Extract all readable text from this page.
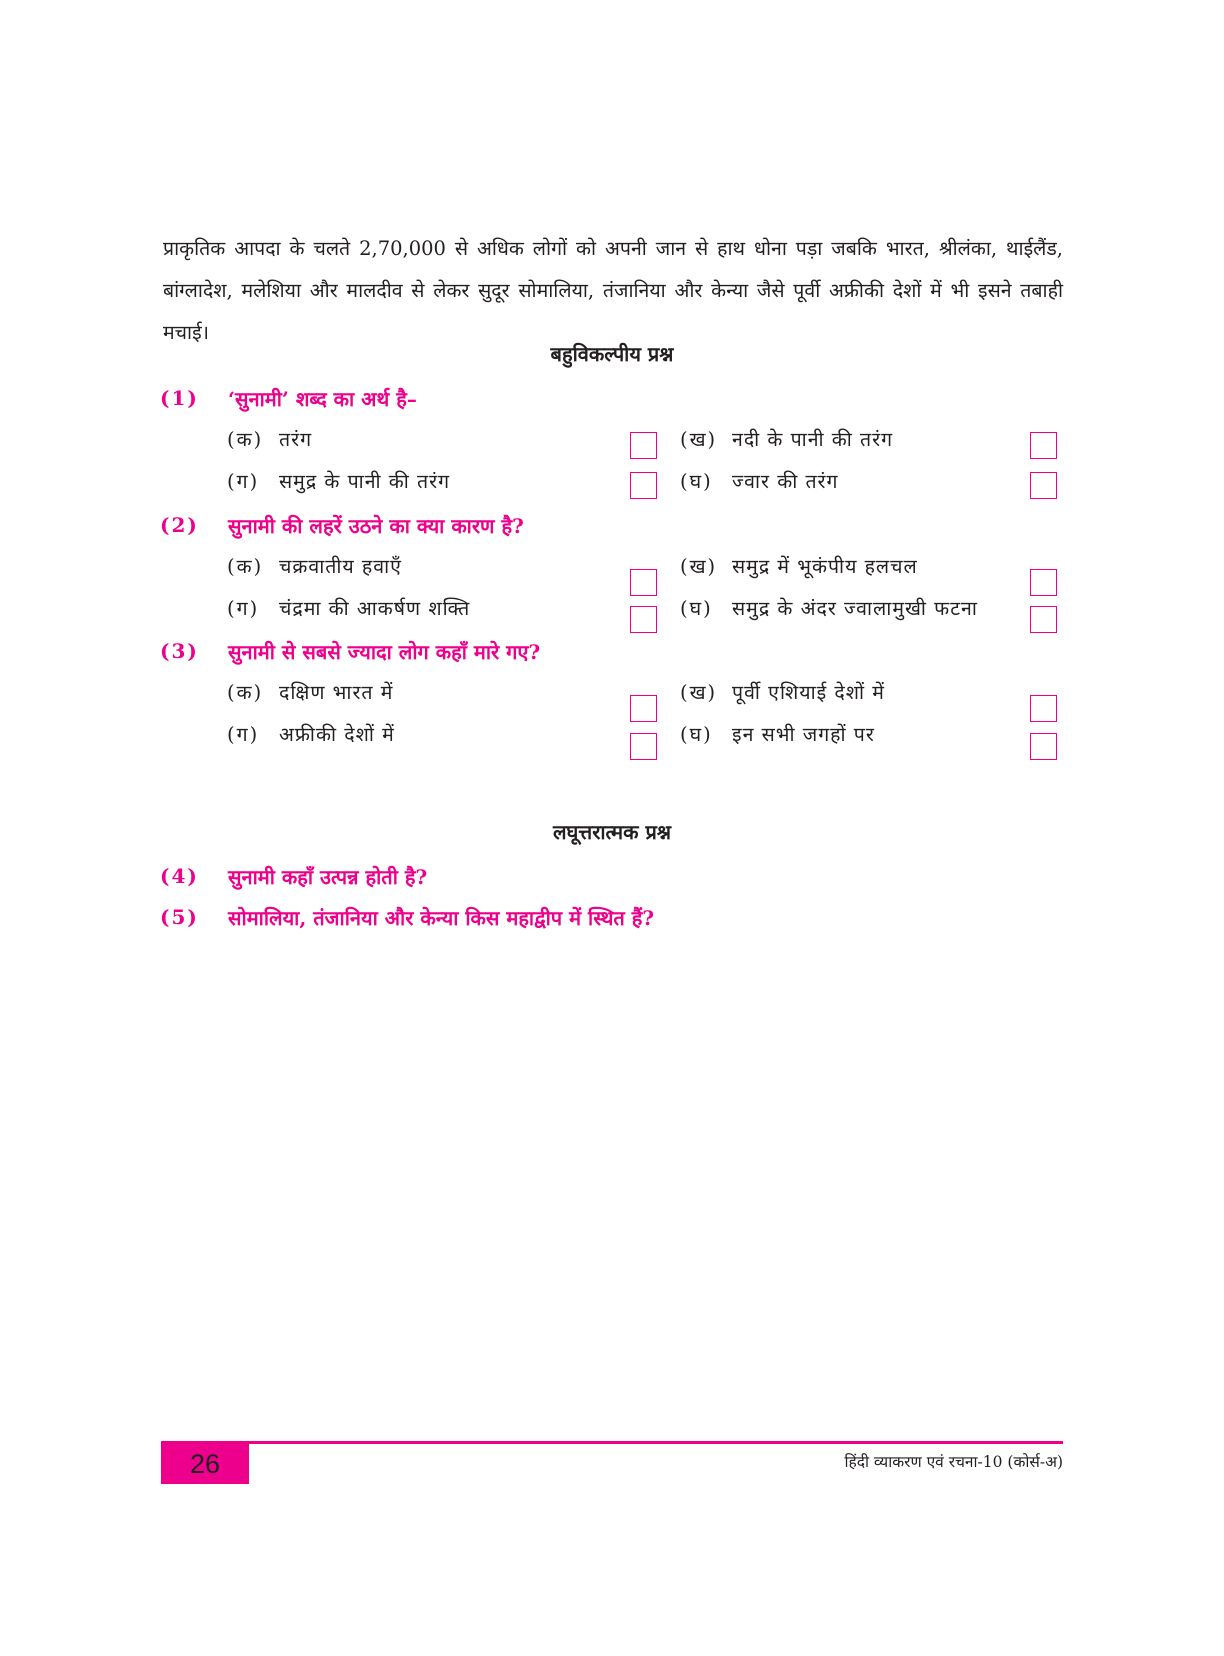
प्राकृतिक आपदा के चलते 2,70,000 से अधिक लोगों को अपनी जान से हाथ धोना पड़ा जबकि भारत, श्रीलंका, थाईलैंड, बांग्लादेश, मलेशिया और मालदीव से लेकर सुदूर सोमालिया, तंजानिया और केन्या जैसे पूर्वी अफ्रीकी देशों में भी इसने तबाही मचाई।

बहुविकल्पीय प्रश्न
(1)	‘सुनामी’ शब्द का अर्थ है–
(क) तरंग	(ख) नदी के पानी की तरंग
(ग)	समुद्र के पानी की तरंग	(घ) ज्वार की तरंग
(2)	सुनामी की लहरें उठने का क्या कारण है?
(क) चक्रवातीय हवाएँ	(ख) समुद्र में भूकंपीय हलचल
(ग)	चंद्रमा की आकर्षण शक्ति	(घ) समुद्र के अंदर ज्वालामुखी फटना
(3)	सुनामी से सबसे ज्यादा लोग कहाँ मारे गए?
(क) दक्षिण भारत में	(ख) पूर्वी एशियाई देशों में
(ग)	अफ्रीकी देशों में	(घ) इन सभी जगहों पर
लघूत्तरात्मक प्रश्न
(4)	सुनामी कहाँ उत्पन्न होती है?
(5)	सोमालिया, तंजानिया और केन्या किस महाद्वीप में स्थित हैं?
26	हिंदी व्याकरण एवं रचना-10 (कोर्स-अ)
